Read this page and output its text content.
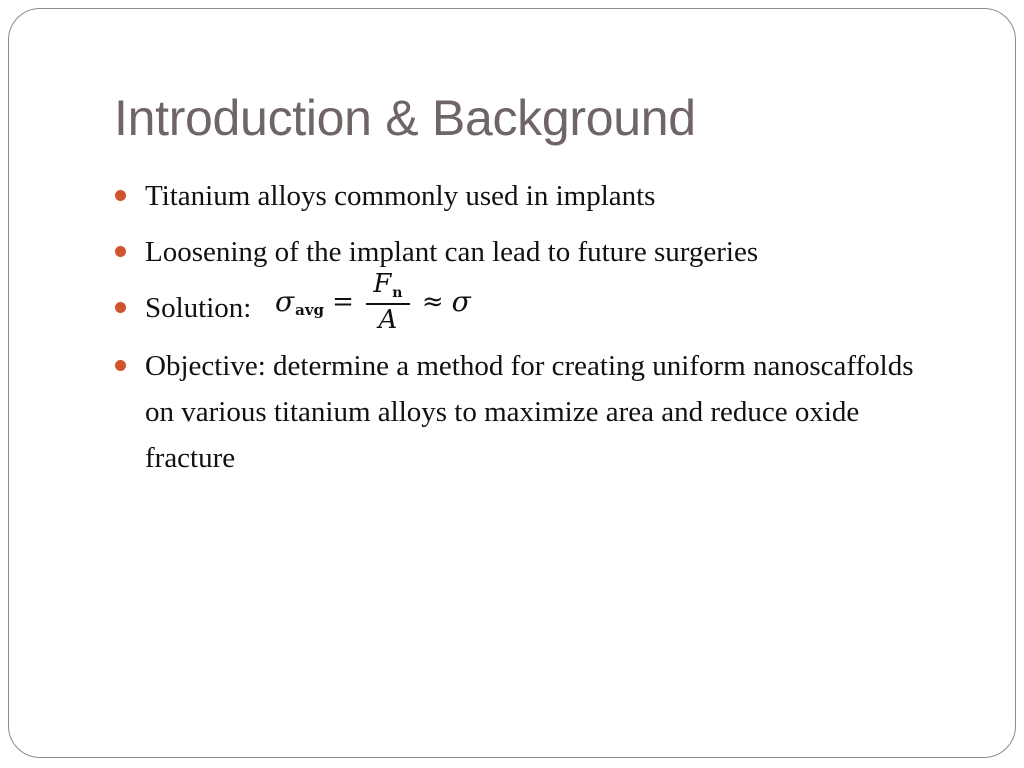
Introduction & Background
Titanium alloys commonly used in implants
Loosening of the implant can lead to future surgeries
Solution: σ avg = $\frac{Fn}{A} \approx \sigma$
Objective: determine a method for creating uniform nanoscaffolds on various titanium alloys to maximize area and reduce oxide fracture
